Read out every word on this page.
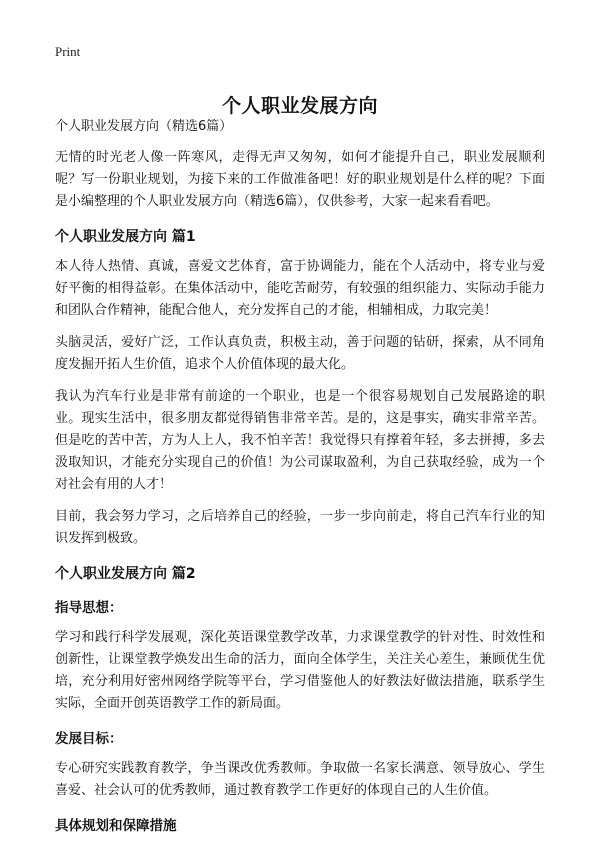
Print
个人职业发展方向
个人职业发展方向（精选6篇）

无情的时光老人像一阵寒风，走得无声又匆匆，如何才能提升自己，职业发展顺利呢？写一份职业规划，为接下来的工作做准备吧！好的职业规划是什么样的呢？下面是小编整理的个人职业发展方向（精选6篇），仅供参考，大家一起来看看吧。

个人职业发展方向 篇1

本人待人热情、真诚，喜爱文艺体育，富于协调能力，能在个人活动中，将专业与爱好平衡的相得益彰。在集体活动中，能吃苦耐劳，有较强的组织能力、实际动手能力和团队合作精神，能配合他人，充分发挥自己的才能，相辅相成，力取完美！

头脑灵活，爱好广泛，工作认真负责，积极主动，善于问题的钻研，探索，从不同角度发掘开拓人生价值，追求个人价值体现的最大化。

我认为汽车行业是非常有前途的一个职业，也是一个很容易规划自己发展路途的职业。现实生活中，很多朋友都觉得销售非常辛苦。是的，这是事实，确实非常辛苦。但是吃的苦中苦，方为人上人，我不怕辛苦！我觉得只有撑着年轻，多去拼搏，多去汲取知识，才能充分实现自己的价值！为公司谋取盈利，为自己获取经验，成为一个对社会有用的人才！

目前，我会努力学习，之后培养自己的经验，一步一步向前走，将自己汽车行业的知识发挥到极致。

个人职业发展方向 篇2
指导思想：

学习和践行科学发展观，深化英语课堂教学改革，力求课堂教学的针对性、时效性和创新性，让课堂教学焕发出生命的活力，面向全体学生，关注关心差生，兼顾优生优培，充分利用好密州网络学院等平台，学习借鉴他人的好教法好做法措施，联系学生实际，全面开创英语教学工作的新局面。

发展目标：

专心研究实践教育教学，争当课改优秀教师。争取做一名家长满意、领导放心、学生喜爱、社会认可的优秀教师，通过教育教学工作更好的体现自己的人生价值。

具体规划和保障措施
